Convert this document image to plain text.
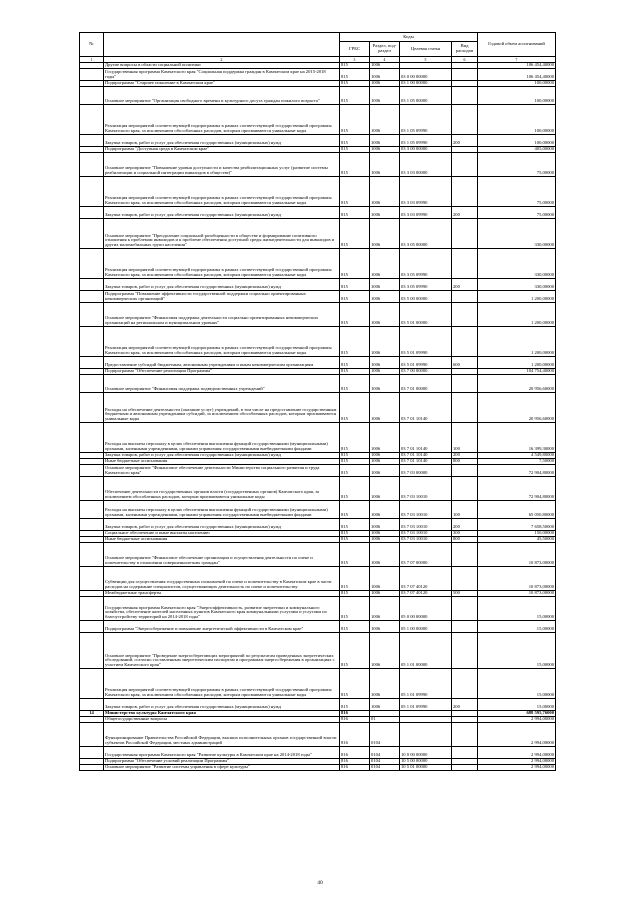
№		Коды				Годовой объем ассигнований
		ГРБС	Раздел, под-раздел	Целевая статья	Вид расходов	
1	2	3	4	5	6	7
	Другие вопросы в области социальной политики	815	1006			106 454,40000
	Государственная программа Камчатского края "Социальная поддержка граждан в Камчатском крае на 2015-2018 годы"	815	1006	03 0 00 00000		106 454,40000
	Подпрограмма "Старшее поколение в Камчатском крае"	815	1006	03 1 00 00000		100,00000
	Основное мероприятие "Организация свободного времени и культурного досуга граждан пожилого возраста"	815	1006	03 1 05 00000		100,00000
	Реализация мероприятий соответствующей подпрограммы в рамках соответствующей государственной программы Камчатского края, за исключением обособленных расходов, которым присваиваются уникальные коды	815	1006	03 1 05 09990		100,00000
	Закупка товаров, работ и услуг для обеспечения государственных (муниципальных) нужд	815	1006	03 1 05 09990	200	100,00000
	Подпрограмма "Доступная среда в Камчатском крае"	815	1006	03 3 00 00000		405,00000
	Основное мероприятие "Повышение уровня доступности и качества реабилитационных услуг (развитие системы реабилитации и социальной интеграции инвалидов в обществе)"	815	1006	03 3 03 00000		75,00000
	Реализация мероприятий соответствующей подпрограммы в рамках соответствующей государственной программы Камчатского края, за исключением обособленных расходов, которым присваиваются уникальные коды	815	1006	03 3 03 09990		75,00000
	Закупка товаров, работ и услуг для обеспечения государственных (муниципальных) нужд	815	1006	03 3 03 09990	200	75,00000
	Основное мероприятие "Преодоление социальной разобщенности в обществе и формирование позитивного отношения к проблемам инвалидов и к проблеме обеспечения доступной среды жизнедеятельности для инвалидов и других маломобильных групп населения"	815	1006	03 3 05 00000		330,00000
	Реализация мероприятий соответствующей подпрограммы в рамках соответствующей государственной программы Камчатского края, за исключением обособленных расходов, которым присваиваются уникальные коды	815	1006	03 3 05 09990		330,00000
	Закупка товаров, работ и услуг для обеспечения государственных (муниципальных) нужд	815	1006	03 3 05 09990	200	330,00000
	Подпрограмма "Повышение эффективности государственной поддержки социально ориентированных некоммерческих организаций"	815	1006	03 5 00 00000		1 200,00000
	Основное мероприятие "Финансовая поддержка деятельности социально ориентированных некоммерческих организаций на региональном и муниципальном уровнях"	815	1006	03 5 01 00000		1 200,00000
	Реализация мероприятий соответствующей подпрограммы в рамках соответствующей государственной программы Камчатского края, за исключением обособленных расходов, которым присваиваются уникальные коды	815	1006	03 5 01 09990		1 200,00000
	Предоставление субсидий бюджетным, автономным учреждениям и иным некоммерческим организациям	815	1006	03 5 01 09990	600	1 200,00000
	Подпрограмма "Обеспечение реализации Программы"	815	1006	03 7 00 00000		104 754,40000
	Основное мероприятие "Финансовая поддержка подведомственных учреждений"	815	1006	03 7 01 00000		20 956,60000
	Расходы на обеспечение деятельности (оказание услуг) учреждений, в том числе на предоставление государственным бюджетным и автономным учреждениям субсидий, за исключением обособленных расходов, которым присваиваются уникальные коды	815	1006	03 7 01 10140		20 956,60000
	Расходы на выплаты персоналу в целях обеспечения выполнения функций государственными (муниципальными) органами, казенными учреждениями, органами управления государственными внебюджетными фондами	815	1006	03 7 01 10140	100	16 399,30000
	Закупка товаров, работ и услуг для обеспечения государственных (муниципальных) нужд	815	1006	03 7 01 10140	200	4 549,80000
	Иные бюджетные ассигнования	815	1006	03 7 01 10140	800	7,50000
	Основное мероприятие "Финансовое обеспечение деятельности Министерства социального развития и труда Камчатского края"	815	1006	03 7 03 00000		72 904,80000
	Обеспечение деятельности государственных органов власти (государственных органов) Камчатского края, за исключением обособленных расходов, которым присваиваются уникальные коды	815	1006	03 7 03 10010		72 904,80000
	Расходы на выплаты персоналу в целях обеспечения выполнения функций государственными (муниципальными) органами, казенными учреждениями, органами управления государственными внебюджетными фондами	815	1006	03 7 03 10010	100	65 050,80000
	Закупка товаров, работ и услуг для обеспечения государственных (муниципальных) нужд	815	1006	03 7 03 10010	200	7 658,50000
	Социальное обеспечение и иные выплаты населению	815	1006	03 7 03 10010	300	150,00000
	Иные бюджетные ассигнования	815	1006	03 7 03 10010	800	45,50000
	Основное мероприятие "Финансовое обеспечение организации и осуществления деятельности по опеке и попечительству в отношении совершеннолетних граждан"	815	1006	03 7 07 00000		10 873,00000
	Субвенции для осуществления государственных полномочий по опеке и попечительству в Камчатском крае в части расходов на содержание специалистов, осуществляющих деятельность по опеке и попечительству	815	1006	03 7 07 40120		10 873,00000
	Межбюджетные трансферты	815	1006	03 7 07 40120	500	10 873,00000
	Государственная программа Камчатского края "Энергоэффективность, развитие энергетики и коммунального хозяйства, обеспечение жителей населенных пунктов Камчатского края коммунальными услугами и услугами по благоустройству территорий на 2014-2018 годы"	815	1006	05 0 00 00000		15,00000
	Подпрограмма "Энергосбережение и повышение энергетической эффективности в Камчатском крае"	815	1006	05 1 00 00000		15,00000
	Основное мероприятие "Проведение энергосберегающих мероприятий по результатам проведенных энергетических обследований, согласно составленным энергетическим паспортам и программам энергосбережения в организациях с участием Камчатского края"	815	1006	05 1 01 00000		15,00000
	Реализация мероприятий соответствующей подпрограммы в рамках соответствующей государственной программы Камчатского края, за исключением обособленных расходов, которым присваиваются уникальные коды	815	1006	05 1 01 09990		15,00000
	Закупка товаров, работ и услуг для обеспечения государственных (муниципальных) нужд	815	1006	05 1 01 09990	200	15,00000
14	Министерство культуры Камчатского края	816				688 595,76000
	Общегосударственные вопросы	816	01			2 994,00000
	Функционирование Правительства Российской Федерации, высших исполнительных органов государственной власти субъектов Российской Федерации, местных администраций	816	0104			2 994,00000
	Государственная программа Камчатского края "Развитие культуры в Камчатском крае на 2014-2018 годы"	816	0104	10 0 00 00000		2 994,00000
	Подпрограмма "Обеспечение условий реализации Программы"	816	0104	10 5 00 00000		2 994,00000
	Основное мероприятие "Развитие системы управления в сфере культуры"	816	0104	10 5 01 00000		2 994,00000
40
